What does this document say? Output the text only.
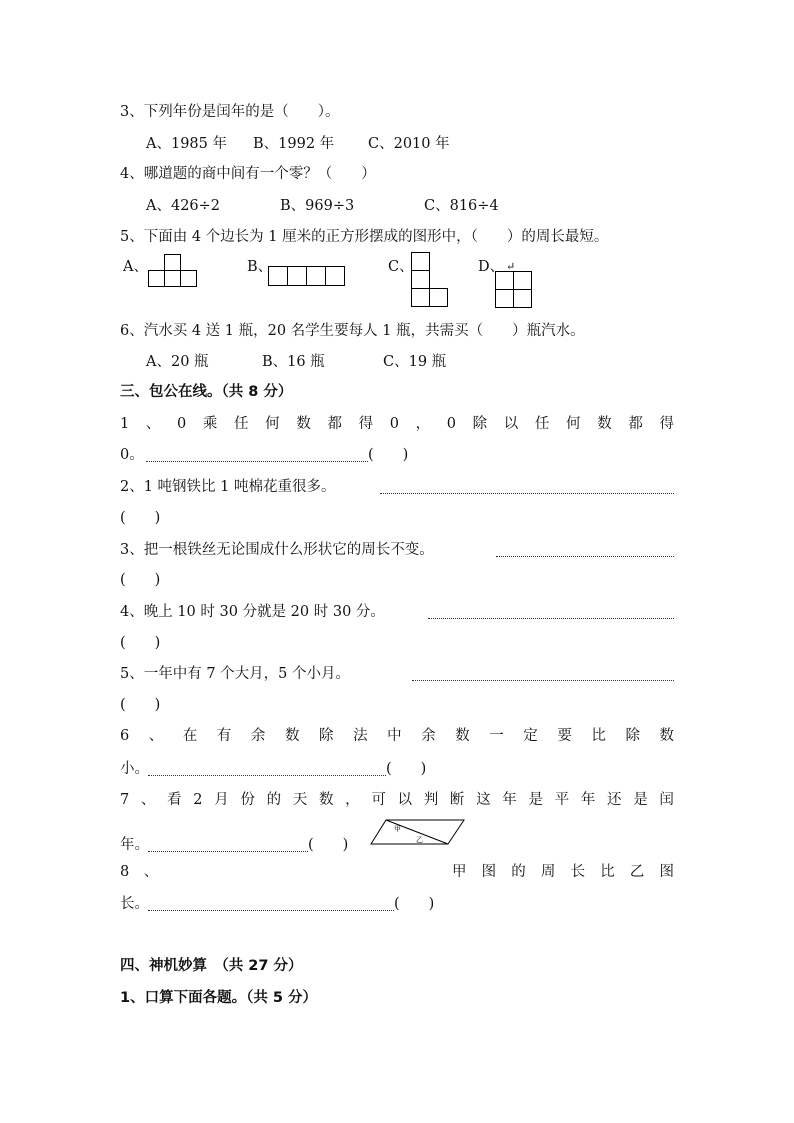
3、下列年份是闰年的是（　　）。
A、1985 年 B、1992 年 C、2010 年
4、哪道题的商中间有一个零？（　　）
A、426÷2	B、969÷3	C、816÷4
5、下面由 4 个边长为 1 厘米的正方形摆成的图形中，（　　）的周长最短。
A、	B、	C、	D、 ↵
6、汽水买 4 送 1 瓶，20 名学生要每人 1 瓶，共需买（　　）瓶汽水。
A、20 瓶	B、16 瓶	C、19 瓶
三、包公在线。（共 8 分）
1 、 0 乘 任 何 数 都 得 0 ， 0 除 以 任 何 数 都 得
0。	(　　)
2、1 吨钢铁比 1 吨棉花重很多。
(　　)
3、把一根铁丝无论围成什么形状它的周长不变。
(　　)
4、晚上 10 时 30 分就是 20 时 30 分。
(　　)
5、一年中有 7 个大月，5 个小月。
(　　)
6 、 在 有 余 数 除 法 中 余 数 一 定 要 比 除 数
小。	(　　)
7 、 看 2 月 份 的 天 数 ， 可 以 判 断 这 年 是 平 年 还 是 闰
年。	(　　)
甲
乙
8　、	甲 图 的 周 长 比 乙 图
长。	(　　)
四、神机妙算　（共 27 分）
1、口算下面各题。（共 5 分）
